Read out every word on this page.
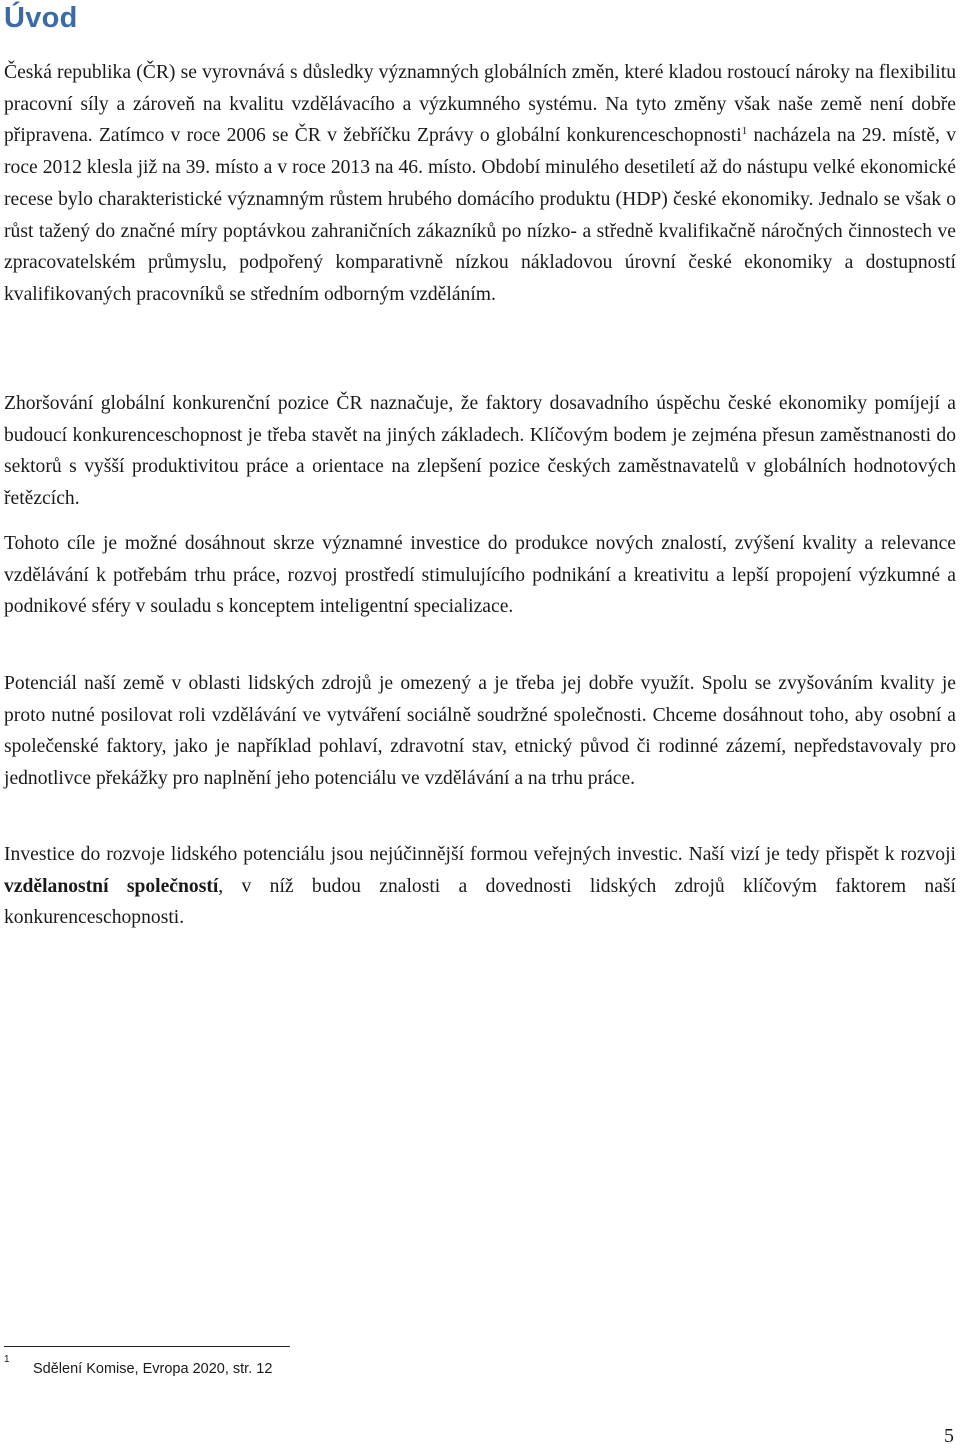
Úvod

Česká republika (ČR) se vyrovnává s důsledky významných globálních změn, které kladou rostoucí nároky na flexibilitu pracovní síly a zároveň na kvalitu vzdělávacího a výzkumného systému. Na tyto změny však naše země není dobře připravena. Zatímco v roce 2006 se ČR v žebříčku Zprávy o globální konkurenceschopnosti$^1$ nacházela na 29. místě, v roce 2012 klesla již na 39. místo a v roce 2013 na 46. místo. Období minulého desetiletí až do nástupu velké ekonomické recese bylo charakteristické významným růstem hrubého domácího produktu (HDP) české ekonomiky. Jednalo se však o růst tažený do značné míry poptávkou zahraničních zákazníků po nízko- a středně kvalifikačně náročných činnostech ve zpracovatelském průmyslu, podpořený komparativně nízkou nákladovou úrovní české ekonomiky a dostupností kvalifikovaných pracovníků se středním odborným vzděláním.

Zhoršování globální konkurenční pozice ČR naznačuje, že faktory dosavadního úspěchu české ekonomiky pomíjejí a budoucí konkurenceschopnost je třeba stavět na jiných základech. Klíčovým bodem je zejména přesun zaměstnanosti do sektorů s vyšší produktivitou práce a orientace na zlepšení pozice českých zaměstnavatelů v globálních hodnotových řetězcích.

Tohoto cíle je možné dosáhnout skrze významné investice do produkce nových znalostí, zvýšení kvality a relevance vzdělávání k potřebám trhu práce, rozvoj prostředí stimulujícího podnikání a kreativitu a lepší propojení výzkumné a podnikové sféry v souladu s konceptem inteligentní specializace.

Potenciál naší země v oblasti lidských zdrojů je omezený a je třeba jej dobře využít. Spolu se zvyšováním kvality je proto nutné posilovat roli vzdělávání ve vytváření sociálně soudržné společnosti. Chceme dosáhnout toho, aby osobní a společenské faktory, jako je například pohlaví, zdravotní stav, etnický původ či rodinné zázemí, nepředstavovaly pro jednotlivce překážky pro naplnění jeho potenciálu ve vzdělávání a na trhu práce.

Investice do rozvoje lidského potenciálu jsou nejúčinnější formou veřejných investic. Naší vizí je tedy přispět k rozvoji vzdělanostní společností, v níž budou znalosti a dovednosti lidských zdrojů klíčovým faktorem naší konkurenceschopnosti.

1
Sdělení Komise, Evropa 2020, str. 12
5
